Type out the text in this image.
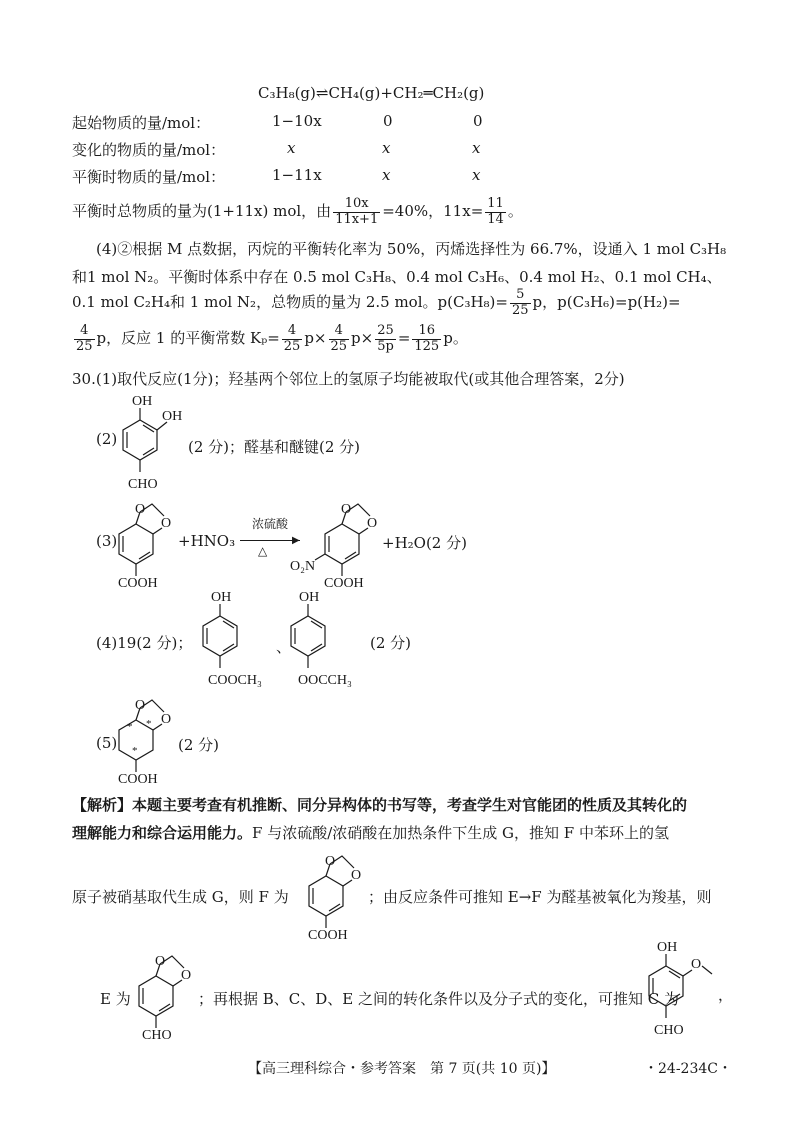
C₃H₈(g)⇌CH₄(g)+CH₂═CH₂(g)
起始物质的量/mol：	1−10x	0	0
变化的物质的量/mol：	x	x	x
平衡时物质的量/mol：	1−11x	x	x
平衡时总物质的量为(1+11x) mol，由 $\frac{10x}{11x+1} =40\%$，$11x= \frac{11}{14}$ 。
(4)②根据 M 点数据，丙烷的平衡转化率为 50%，丙烯选择性为 66.7%，设通入 1 mol C₃H₈
和1 mol N₂。平衡时体系中存在 0.5 mol C₃H₈、0.4 mol C₃H₆、0.4 mol H₂、0.1 mol CH₄、
0.1 mol C₂H₄和 1 mol N₂，总物质的量为 2.5 mol。$p(C_3H_8)= \frac{5}{25}$ p，p(C₃H₆)=p(H₂)=
$\frac{4}{25}$ p，反应 1 的平衡常数 $K_p= \frac{4}{25} p\times \frac{4}{25} p\times \frac{25}{5p} = \frac{16}{125}$ p。
30.(1)取代反应(1分)；羟基两个邻位上的氢原子均能被取代(或其他合理答案，2分)
(2)
OH
OH
CHO
(2 分)；醛基和醚键(2 分)
(3)
O
O
COOH
+HNO₃
浓硫酸
▶
△
O
O
O₂N
COOH
+H₂O(2 分)
(4)19(2 分)；
OH
COOCH₃
、
OH
OOCCH₃
(2 分)
(5)
O
O
* *
*
COOH
(2 分)
【解析】本题主要考查有机推断、同分异构体的书写等，考查学生对官能团的性质及其转化的
理解能力和综合运用能力。F 与浓硫酸/浓硝酸在加热条件下生成 G，推知 F 中苯环上的氢
原子被硝基取代生成 G，则 F 为
O
O
COOH
；由反应条件可推知 E→F 为醛基被氧化为羧基，则
E 为
O
O
CHO
；再根据 B、C、D、E 之间的转化条件以及分子式的变化，可推知 C 为
OH
O
CHO
，
【高三理科综合・参考答案　第 7 页(共 10 页)】	・24-234C・
